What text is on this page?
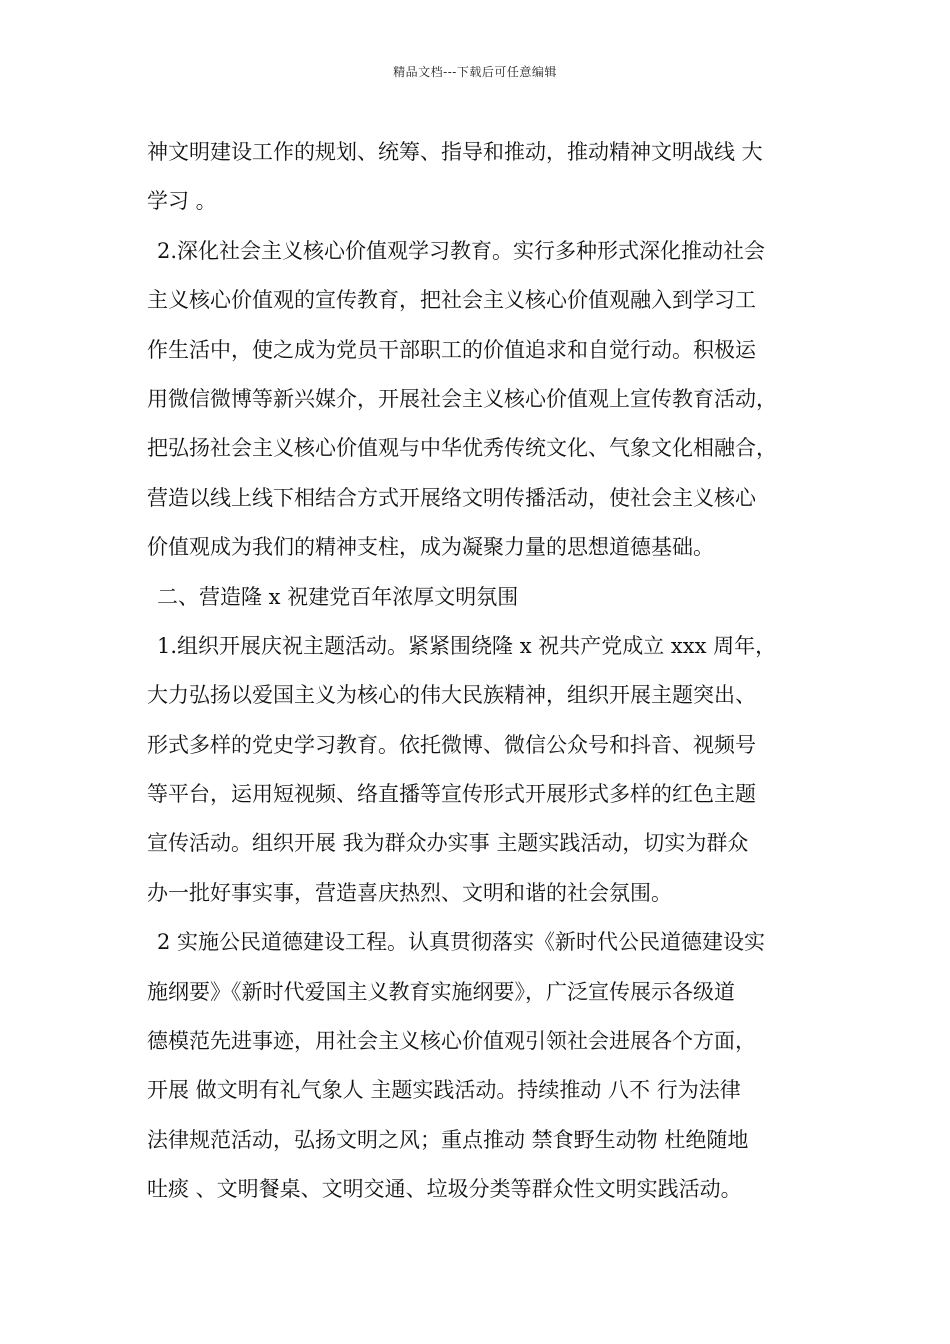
精品文档---下载后可任意编辑
神文明建设工作的规划、统筹、指导和推动，推动精神文明战线 大
学习 。
2.深化社会主义核心价值观学习教育。实行多种形式深化推动社会
主义核心价值观的宣传教育，把社会主义核心价值观融入到学习工
作生活中，使之成为党员干部职工的价值追求和自觉行动。积极运
用微信微博等新兴媒介，开展社会主义核心价值观上宣传教育活动，
把弘扬社会主义核心价值观与中华优秀传统文化、气象文化相融合，
营造以线上线下相结合方式开展络文明传播活动，使社会主义核心
价值观成为我们的精神支柱，成为凝聚力量的思想道德基础。
二、营造隆 x 祝建党百年浓厚文明氛围
1.组织开展庆祝主题活动。紧紧围绕隆 x 祝共产党成立 xxx 周年，
大力弘扬以爱国主义为核心的伟大民族精神，组织开展主题突出、
形式多样的党史学习教育。依托微博、微信公众号和抖音、视频号
等平台，运用短视频、络直播等宣传形式开展形式多样的红色主题
宣传活动。组织开展 我为群众办实事 主题实践活动，切实为群众
办一批好事实事，营造喜庆热烈、文明和谐的社会氛围。
2 实施公民道德建设工程。认真贯彻落实《新时代公民道德建设实
施纲要》《新时代爱国主义教育实施纲要》，广泛宣传展示各级道
德模范先进事迹，用社会主义核心价值观引领社会进展各个方面，
开展 做文明有礼气象人 主题实践活动。持续推动 八不 行为法律
法律规范活动，弘扬文明之风；重点推动 禁食野生动物 杜绝随地
吐痰 、文明餐桌、文明交通、垃圾分类等群众性文明实践活动。
